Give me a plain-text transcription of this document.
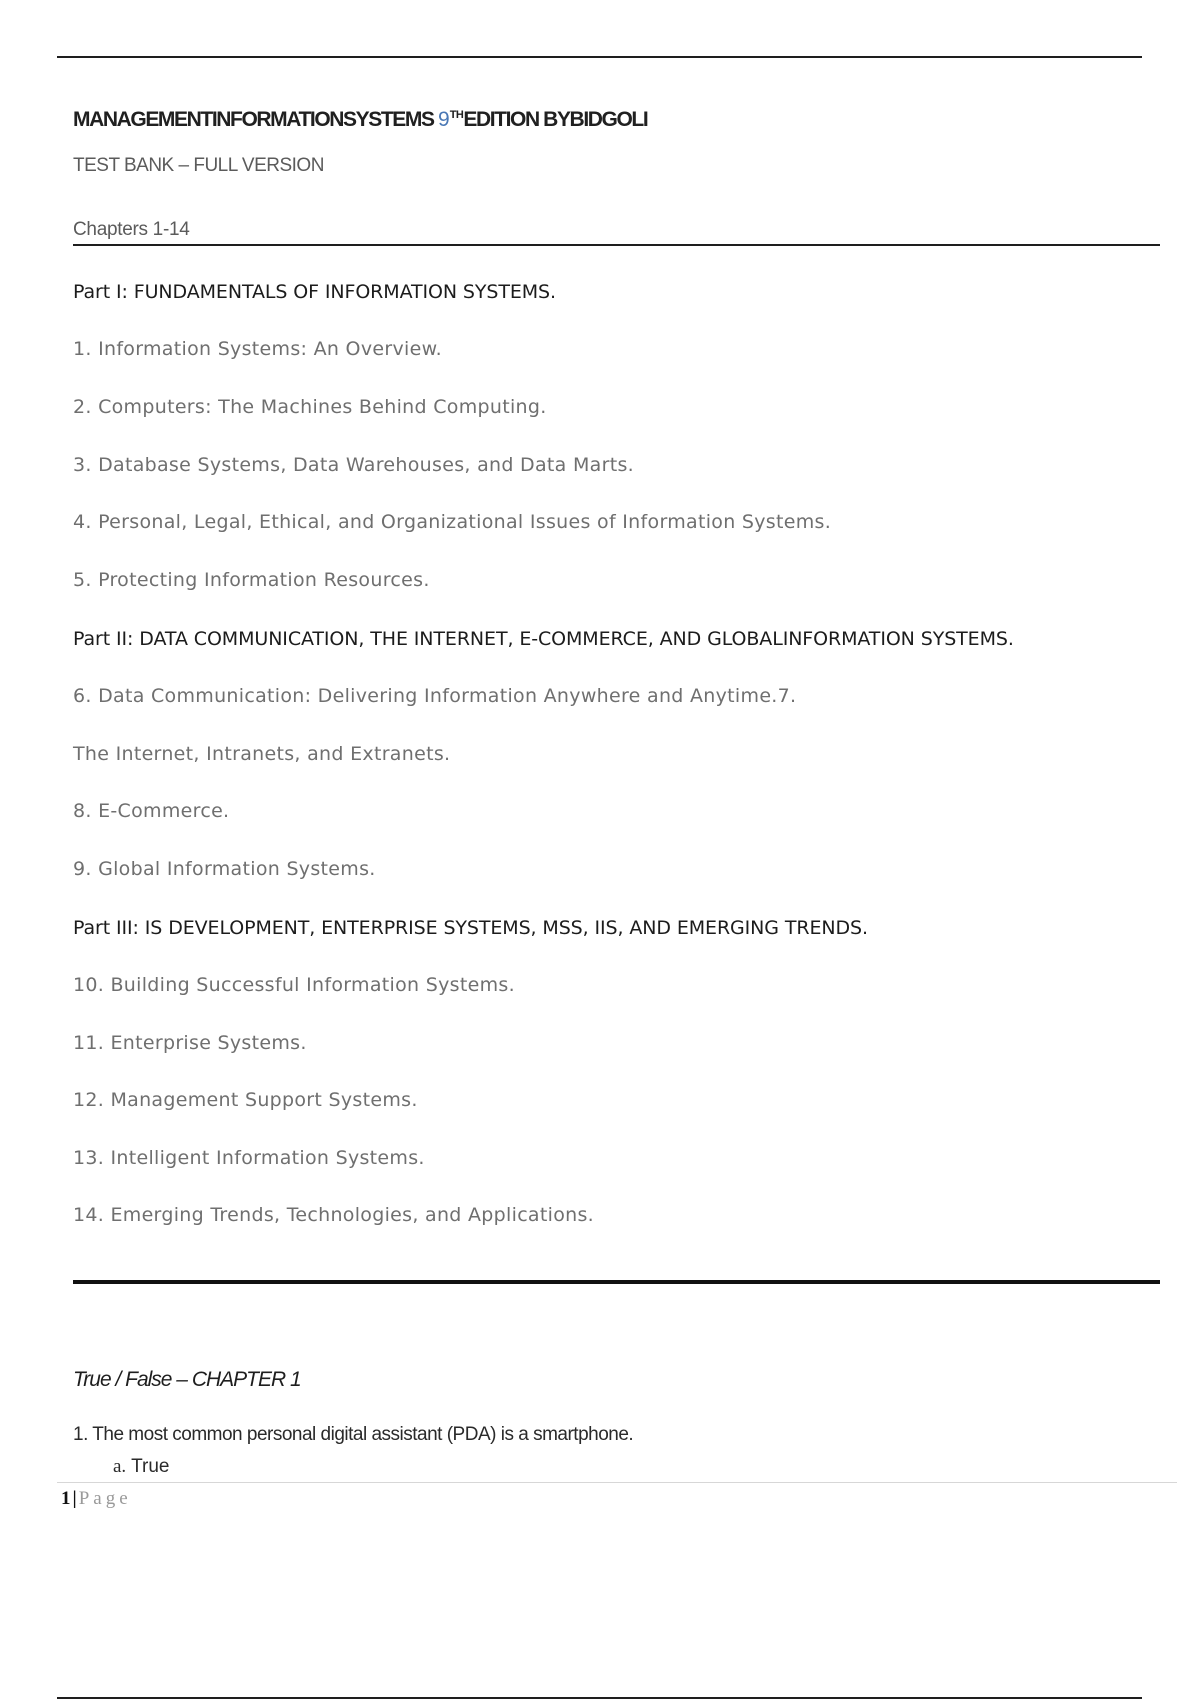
MANAGEMENTINFORMATIONSYSTEMS 9THEDITION BYBIDGOLI

TEST BANK – FULL VERSION

Chapters 1-14

Part I: FUNDAMENTALS OF INFORMATION SYSTEMS.

1. Information Systems: An Overview.

2. Computers: The Machines Behind Computing.

3. Database Systems, Data Warehouses, and Data Marts.

4. Personal, Legal, Ethical, and Organizational Issues of Information Systems.

5. Protecting Information Resources.

Part II: DATA COMMUNICATION, THE INTERNET, E-COMMERCE, AND GLOBALINFORMATION SYSTEMS.

6. Data Communication: Delivering Information Anywhere and Anytime.7.

The Internet, Intranets, and Extranets.

8. E-Commerce.

9. Global Information Systems.

Part III: IS DEVELOPMENT, ENTERPRISE SYSTEMS, MSS, IIS, AND EMERGING TRENDS.

10. Building Successful Information Systems.

11. Enterprise Systems.

12. Management Support Systems.

13. Intelligent Information Systems.

14. Emerging Trends, Technologies, and Applications.

True / False – CHAPTER 1

1. The most common personal digital assistant (PDA) is a smartphone.

a. True

1 | Page
